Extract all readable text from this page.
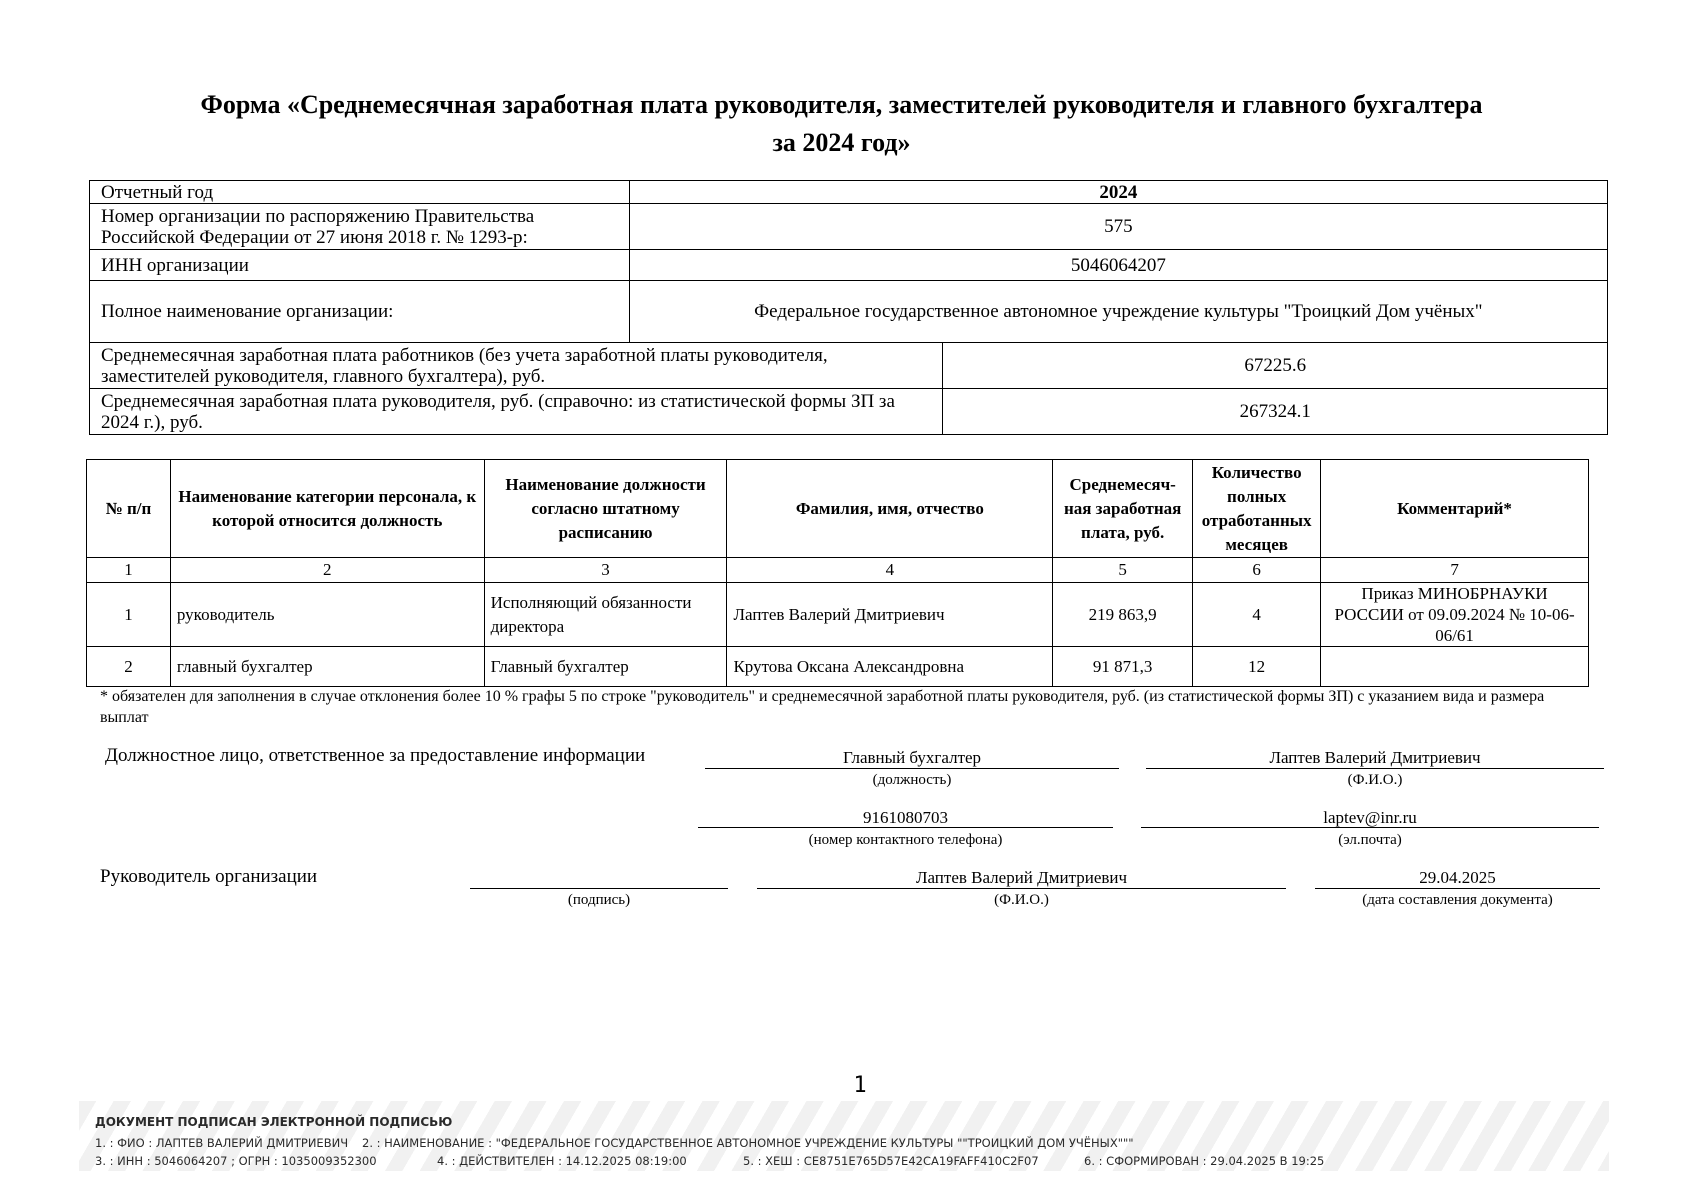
Форма «Среднемесячная заработная плата руководителя, заместителей руководителя и главного бухгалтера
за 2024 год»
Отчетный год	2024	
Номер организации по распоряжению Правительства Российской Федерации от 27 июня 2018 г. № 1293-р:	575	
ИНН организации	5046064207	
Полное наименование организации:	Федеральное государственное автономное учреждение культуры "Троицкий Дом учёных"	
Среднемесячная заработная плата работников (без учета заработной платы руководителя, заместителей руководителя, главного бухгалтера), руб.		67225.6
Среднемесячная заработная плата руководителя, руб. (справочно: из статистической формы ЗП за 2024 г.), руб.		267324.1
№ п/п	Наименование категории персонала, к которой относится должность	Наименование должности согласно штатному расписанию	Фамилия, имя, отчество	Среднемесяч-ная заработная плата, руб.	Количество полных отработанных месяцев	Комментарий*
1	2	3	4	5	6	7
1	руководитель	Исполняющий обязанности директора	Лаптев Валерий Дмитриевич	219 863,9	4	Приказ МИНОБРНАУКИ РОССИИ от 09.09.2024 № 10-06-06/61
2	главный бухгалтер	Главный бухгалтер	Крутова Оксана Александровна	91 871,3	12	
* обязателен для заполнения в случае отклонения более 10 % графы 5 по строке "руководитель" и среднемесячной заработной платы руководителя, руб. (из статистической формы ЗП) с указанием вида и размера выплат
Должностное лицо, ответственное за предоставление информации	Главный бухгалтер
(должность)
Лаптев Валерий Дмитриевич
(Ф.И.О.)
9161080703
(номер контактного телефона)
laptev@inr.ru
(эл.почта)
Руководитель организации
(подпись)
Лаптев Валерий Дмитриевич
(Ф.И.О.)
29.04.2025
(дата составления документа)
1
ДОКУМЕНТ ПОДПИСАН ЭЛЕКТРОННОЙ ПОДПИСЬЮ
1. : ФИО : ЛАПТЕВ ВАЛЕРИЙ ДМИТРИЕВИЧ 2. : НАИМЕНОВАНИЕ : "ФЕДЕРАЛЬНОЕ ГОСУДАРСТВЕННОЕ АВТОНОМНОЕ УЧРЕЖДЕНИЕ КУЛЬТУРЫ ""ТРОИЦКИЙ ДОМ УЧЁНЫХ"""
3. : ИНН : 5046064207 ; ОГРН : 1035009352300	4. : ДЕЙСТВИТЕЛЕН : 14.12.2025 08:19:00	5. : ХЕШ : CE8751E765D57E42CA19FAFF410C2F07	6. : СФОРМИРОВАН : 29.04.2025 В 19:25
